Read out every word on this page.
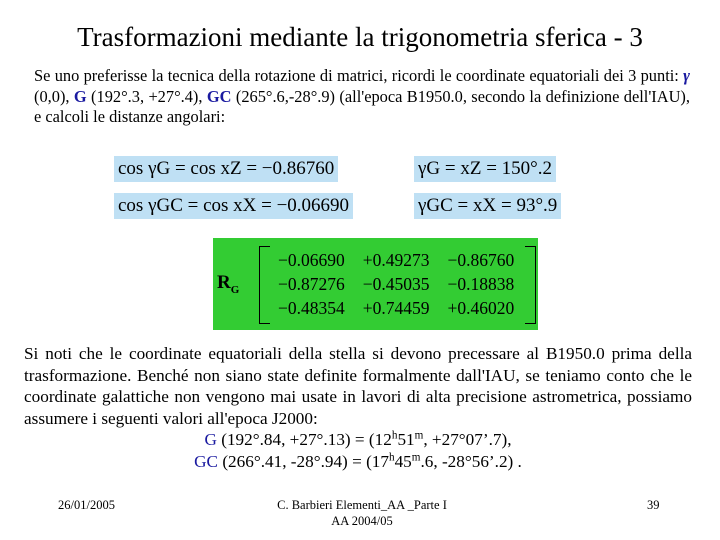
Trasformazioni mediante la trigonometria sferica - 3
Se uno preferisse la tecnica della rotazione di matrici, ricordi le coordinate equatoriali dei 3 punti: γ (0,0), G (192°.3, +27°.4), GC (265°.6,-28°.9) (all'epoca B1950.0, secondo la definizione dell'IAU), e calcoli le distanze angolari:
cos γG = cos xZ = −0.86760	γG = xZ = 150°.2
cos γGC = cos xX = −0.06690	γGC = xX = 93°.9
$R_G$
−0.06690	+0.49273	−0.86760
−0.87276	−0.45035	−0.18838
−0.48354	+0.74459	+0.46020
Si noti che le coordinate equatoriali della stella si devono precessare al B1950.0 prima della trasformazione. Benché non siano state definite formalmente dall'IAU, se teniamo conto che le coordinate galattiche non vengono mai usate in lavori di alta precisione astrometrica, possiamo assumere i seguenti valori all'epoca J2000:
G (192°.84, $+27^\circ.13) = (12^h51^m$, +27°07’.7),
GC (266°.41, $-28^\circ.94) = (17^h45^m.6$, -28°56’.2) .
26/01/2005	C. Barbieri Elementi_AA _Parte I
AA 2004/05
39
